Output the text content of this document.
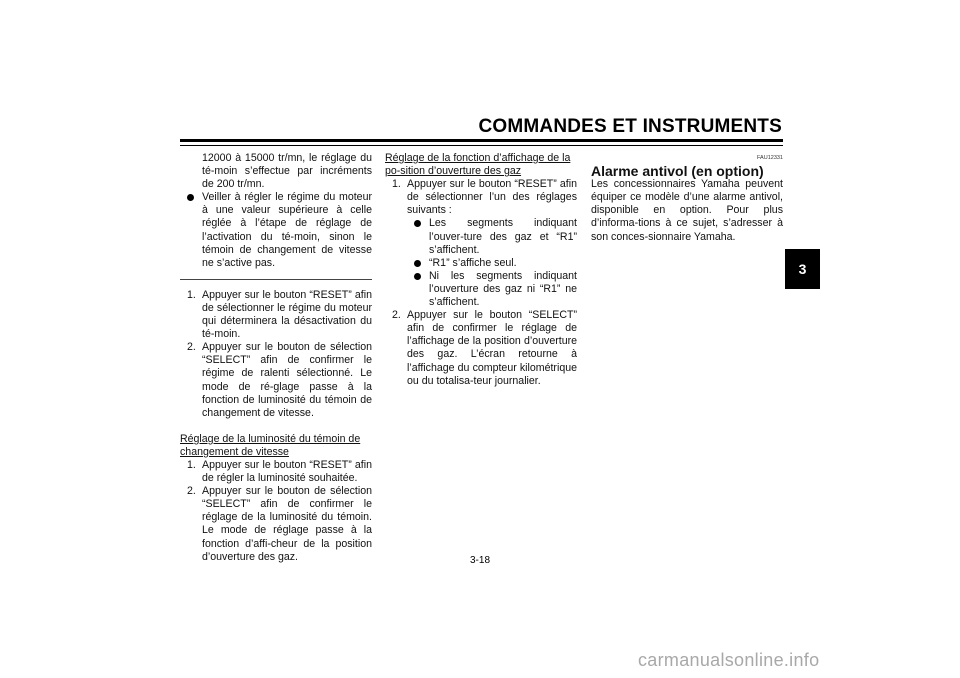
COMMANDES ET INSTRUMENTS
3

12000 à 15000 tr/mn, le réglage du té-moin s’effectue par incréments de 200 tr/mn.

Veiller à régler le régime du moteur à une valeur supérieure à celle réglée à l’étape de réglage de l’activation du té-moin, sinon le témoin de changement de vitesse ne s’active pas.

1. Appuyer sur le bouton “RESET” afin de sélectionner le régime du moteur qui déterminera la désactivation du té-moin.

2. Appuyer sur le bouton de sélection “SELECT” afin de confirmer le régime de ralenti sélectionné. Le mode de ré-glage passe à la fonction de luminosité du témoin de changement de vitesse.

Réglage de la luminosité du témoin de changement de vitesse

1. Appuyer sur le bouton “RESET” afin de régler la luminosité souhaitée.

2. Appuyer sur le bouton de sélection “SELECT” afin de confirmer le réglage de la luminosité du témoin. Le mode de réglage passe à la fonction d’affi-cheur de la position d’ouverture des gaz.

Réglage de la fonction d’affichage de la po-sition d’ouverture des gaz

1. Appuyer sur le bouton “RESET” afin de sélectionner l’un des réglages suivants :

Les segments indiquant l’ouver-ture des gaz et “R1” s’affichent.

“R1” s’affiche seul.

Ni les segments indiquant l’ouverture des gaz ni “R1” ne s’affichent.

2. Appuyer sur le bouton “SELECT” afin de confirmer le réglage de l’affichage de la position d’ouverture des gaz. L’écran retourne à l’affichage du compteur kilométrique ou du totalisa-teur journalier.

FAU12331

Alarme antivol (en option)

Les concessionnaires Yamaha peuvent équiper ce modèle d’une alarme antivol, disponible en option. Pour plus d’informa-tions à ce sujet, s’adresser à son conces-sionnaire Yamaha.

3-18
carmanualsonline.info
